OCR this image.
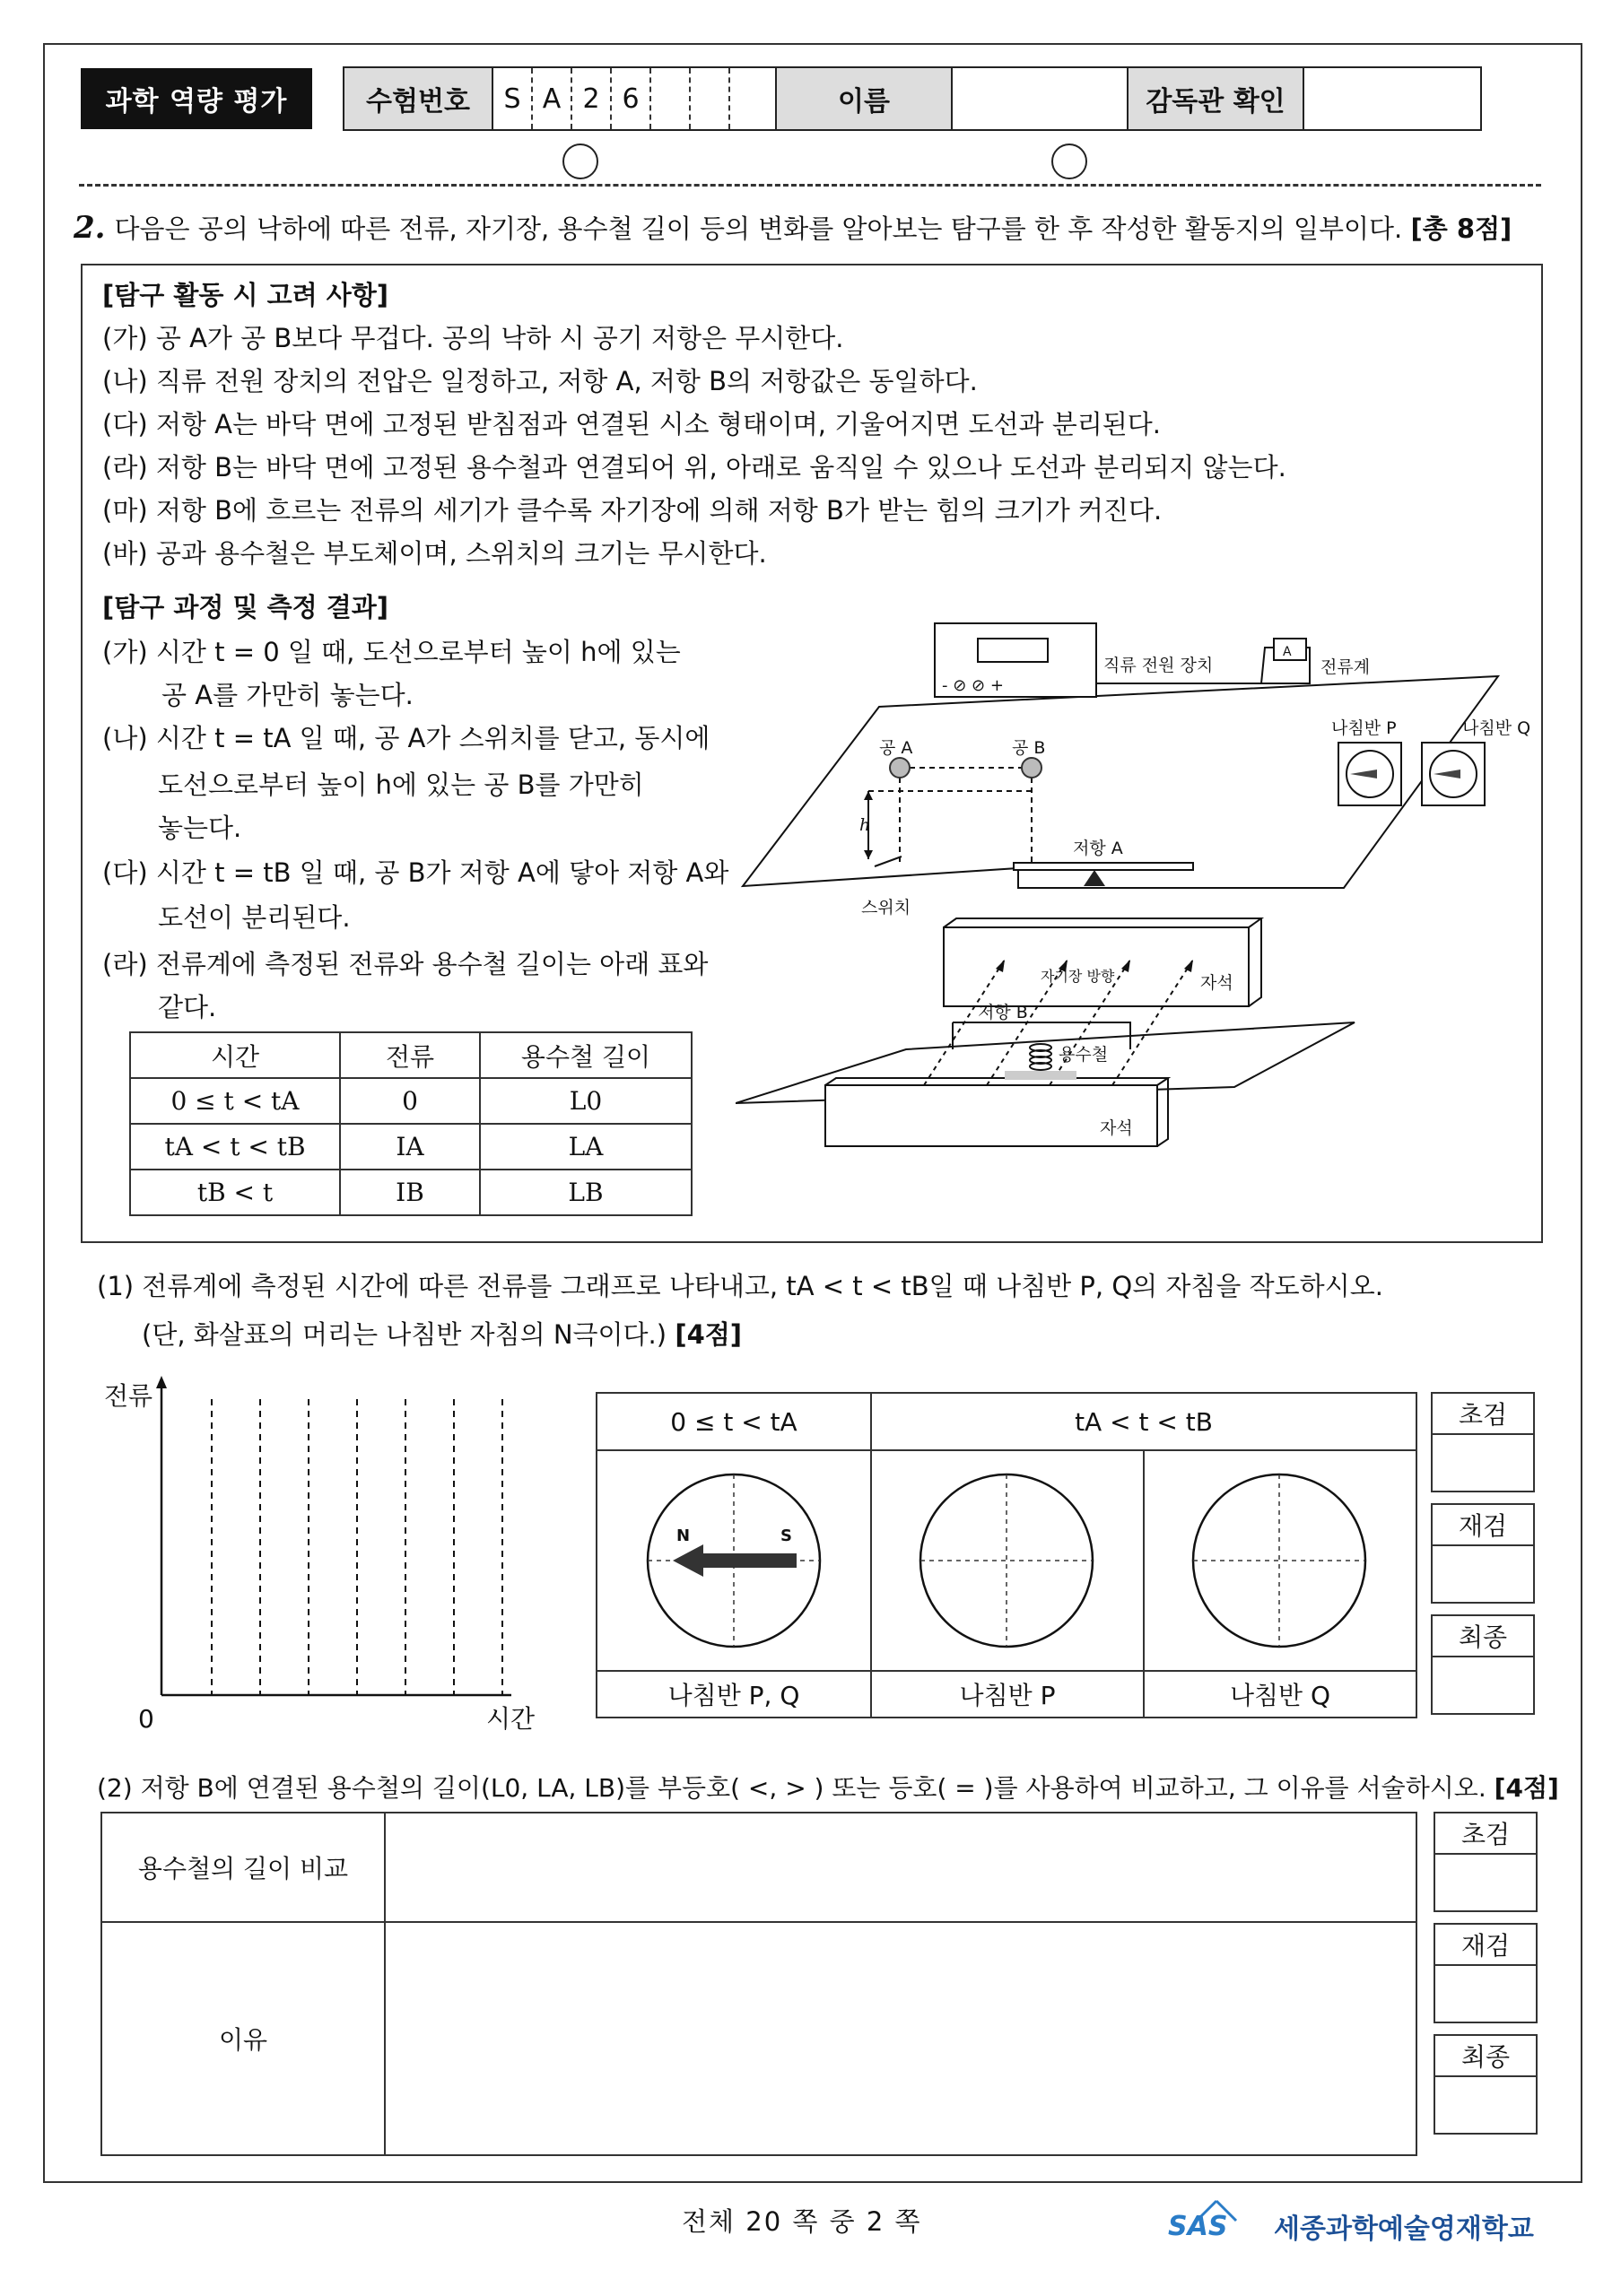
과학 역량 평가	수험번호	S A 2 6	이름	감독관 확인
2. 다음은 공의 낙하에 따른 전류, 자기장, 용수철 길이 등의 변화를 알아보는 탐구를 한 후 작성한 활동지의 일부이다. [총 8점]
[탐구 활동 시 고려 사항]
(가) 공 A가 공 B보다 무겁다. 공의 낙하 시 공기 저항은 무시한다.
(나) 직류 전원 장치의 전압은 일정하고, 저항 A, 저항 B의 저항값은 동일하다.
(다) 저항 A는 바닥 면에 고정된 받침점과 연결된 시소 형태이며, 기울어지면 도선과 분리된다.
(라) 저항 B는 바닥 면에 고정된 용수철과 연결되어 위, 아래로 움직일 수 있으나 도선과 분리되지 않는다.
(마) 저항 B에 흐르는 전류의 세기가 클수록 자기장에 의해 저항 B가 받는 힘의 크기가 커진다.
(바) 공과 용수철은 부도체이며, 스위치의 크기는 무시한다.
[탐구 과정 및 측정 결과]
(가) 시간 t = 0 일 때, 도선으로부터 높이 h에 있는
공 A를 가만히 놓는다.
(나) 시간 t = tA 일 때, 공 A가 스위치를 닫고, 동시에
도선으로부터 높이 h에 있는 공 B를 가만히
놓는다.
(다) 시간 t = tB 일 때, 공 B가 저항 A에 닿아 저항 A와
도선이 분리된다.
(라) 전류계에 측정된 전류와 용수철 길이는 아래 표와
같다.
시간	전류	용수철 길이
0 ≤ t < tA	0	L0
tA < t < tB	IA	LA
tB < t	IB	LB
직류 전원 장치
- ⊘ ⊘ +
A
전류계
나침반 P	나침반 Q
공 A	공 B
h
저항 A
스위치
자기장 방향	자석
저항 B
용수철
자석
(1) 전류계에 측정된 시간에 따른 전류를 그래프로 나타내고, tA < t < tB일 때 나침반 P, Q의 자침을 작도하시오.
(단, 화살표의 머리는 나침반 자침의 N극이다.) [4점]
전류
시간
0
0 ≤ t < tA	tA < t < tB
나침반 P, Q	나침반 P	나침반 Q
N	S
초검
재검
최종
(2) 저항 B에 연결된 용수철의 길이(L0, LA, LB)를 부등호( <, > ) 또는 등호( = )를 사용하여 비교하고, 그 이유를 서술하시오. [4점]
용수철의 길이 비교
이유
초검
재검
최종
전체 20 쪽 중 2 쪽	SAS 세종과학예술영재학교
